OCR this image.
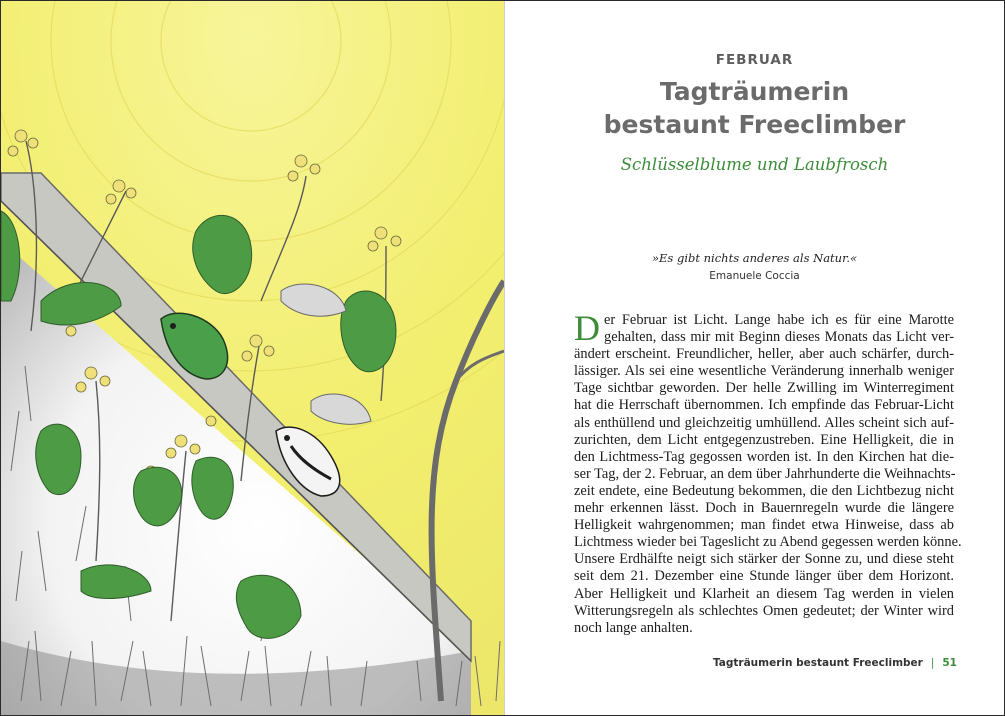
FEBRUAR
Tagträumerin
bestaunt Freeclimber
Schlüsselblume und Laubfrosch
»Es gibt nichts anderes als Natur.«
Emanuele Coccia
D er Februar ist Licht. Lange habe ich es für eine Marotte
gehalten, dass mir mit Beginn dieses Monats das Licht ver-
ändert erscheint. Freundlicher, heller, aber auch schärfer, durch-
lässiger. Als sei eine wesentliche Veränderung innerhalb weniger
Tage sichtbar geworden. Der helle Zwilling im Winterregiment
hat die Herrschaft übernommen. Ich empfinde das Februar-Licht
als enthüllend und gleichzeitig umhüllend. Alles scheint sich auf-
zurichten, dem Licht entgegenzustreben. Eine Helligkeit, die in
den Lichtmess-Tag gegossen worden ist. In den Kirchen hat die-
ser Tag, der 2. Februar, an dem über Jahrhunderte die Weihnachts-
zeit endete, eine Bedeutung bekommen, die den Lichtbezug nicht
mehr erkennen lässt. Doch in Bauernregeln wurde die längere
Helligkeit wahrgenommen; man findet etwa Hinweise, dass ab
Lichtmess wieder bei Tageslicht zu Abend gegessen werden könne.
Unsere Erdhälfte neigt sich stärker der Sonne zu, und diese steht
seit dem 21. Dezember eine Stunde länger über dem Horizont.
Aber Helligkeit und Klarheit an diesem Tag werden in vielen
Witterungsregeln als schlechtes Omen gedeutet; der Winter wird
noch lange anhalten.
Tagträumerin bestaunt Freeclimber | 51
